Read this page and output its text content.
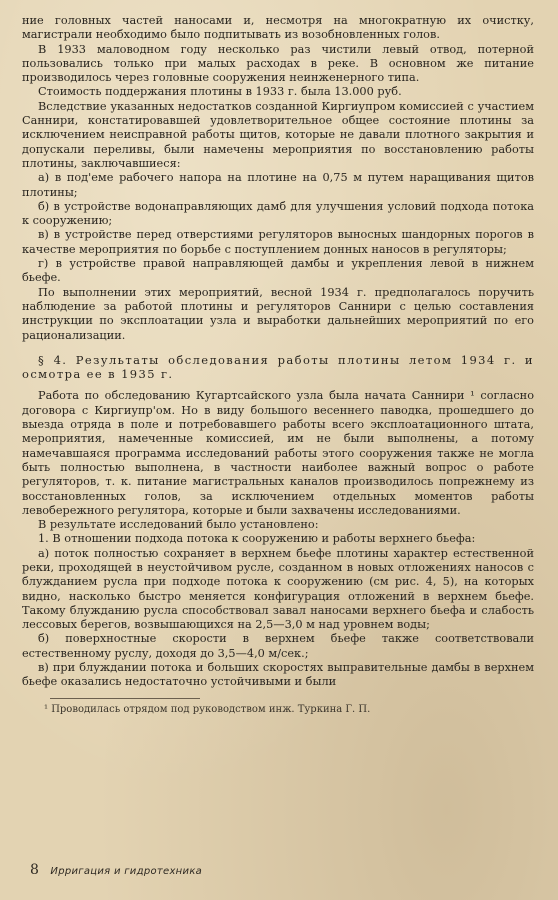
ние головных частей наносами и, несмотря на многократную их очистку, магистрали необходимо было подпитывать из возобновленных голов.

В 1933 маловодном году несколько раз чистили левый отвод, потерной пользовались только при малых расходах в реке. В основном же питание производилось через головные сооружения неинженерного типа.

Стоимость поддержания плотины в 1933 г. была 13.000 руб.

Вследствие указанных недостатков созданной Киргиупром комиссией с участием Саннири, констатировавшей удовлетворительное общее состояние плотины за исключением неисправной работы щитов, которые не давали плотного закрытия и допускали переливы, были намечены мероприятия по восстановлению работы плотины, заключавшиеся:

а) в под'еме рабочего напора на плотине на 0,75 м путем наращивания щитов плотины;

б) в устройстве водонаправляющих дамб для улучшения условий подхода потока к сооружению;

в) в устройстве перед отверстиями регуляторов выносных шандорных порогов в качестве мероприятия по борьбе с поступлением донных наносов в регуляторы;

г) в устройстве правой направляющей дамбы и укрепления левой в нижнем бьефе.

По выполнении этих мероприятий, весной 1934 г. предполагалось поручить наблюдение за работой плотины и регуляторов Саннири с целью составления инструкции по эксплоатации узла и выработки дальнейших мероприятий по его рационализации.

§ 4. Результаты обследования работы плотины летом 1934 г. и осмотра ее в 1935 г.

Работа по обследованию Кугартсайского узла была начата Саннири ¹ согласно договора с Киргиупр'ом. Но в виду большого весеннего паводка, прошедшего до выезда отряда в поле и потребовавшего работы всего эксплоатационного штата, мероприятия, намеченные комиссией, им не были выполнены, а потому намечавшаяся программа исследований работы этого сооружения также не могла быть полностью выполнена, в частности наиболее важный вопрос о работе регуляторов, т. к. питание магистральных каналов производилось попрежнему из восстановленных голов, за исключением отдельных моментов работы левобережного регулятора, которые и были захвачены исследованиями.

В результате исследований было установлено:

1. В отношении подхода потока к сооружению и работы верхнего бьефа:

а) поток полностью сохраняет в верхнем бьефе плотины характер естественной реки, проходящей в неустойчивом русле, созданном в новых отложениях наносов с блужданием русла при подходе потока к сооружению (см рис. 4, 5), на которых видно, насколько быстро меняется конфигурация отложений в верхнем бьефе. Такому блужданию русла способствовал завал наносами верхнего бьефа и слабость лессовых берегов, возвышающихся на 2,5—3,0 м над уровнем воды;

б) поверхностные скорости в верхнем бьефе также соответствовали естественному руслу, доходя до 3,5—4,0 м/сек.;

в) при блуждании потока и больших скоростях выправительные дамбы в верхнем бьефе оказались недостаточно устойчивыми и были

¹ Проводилась отрядом под руководством инж. Туркина Г. П.

8 Ирригация и гидротехника
